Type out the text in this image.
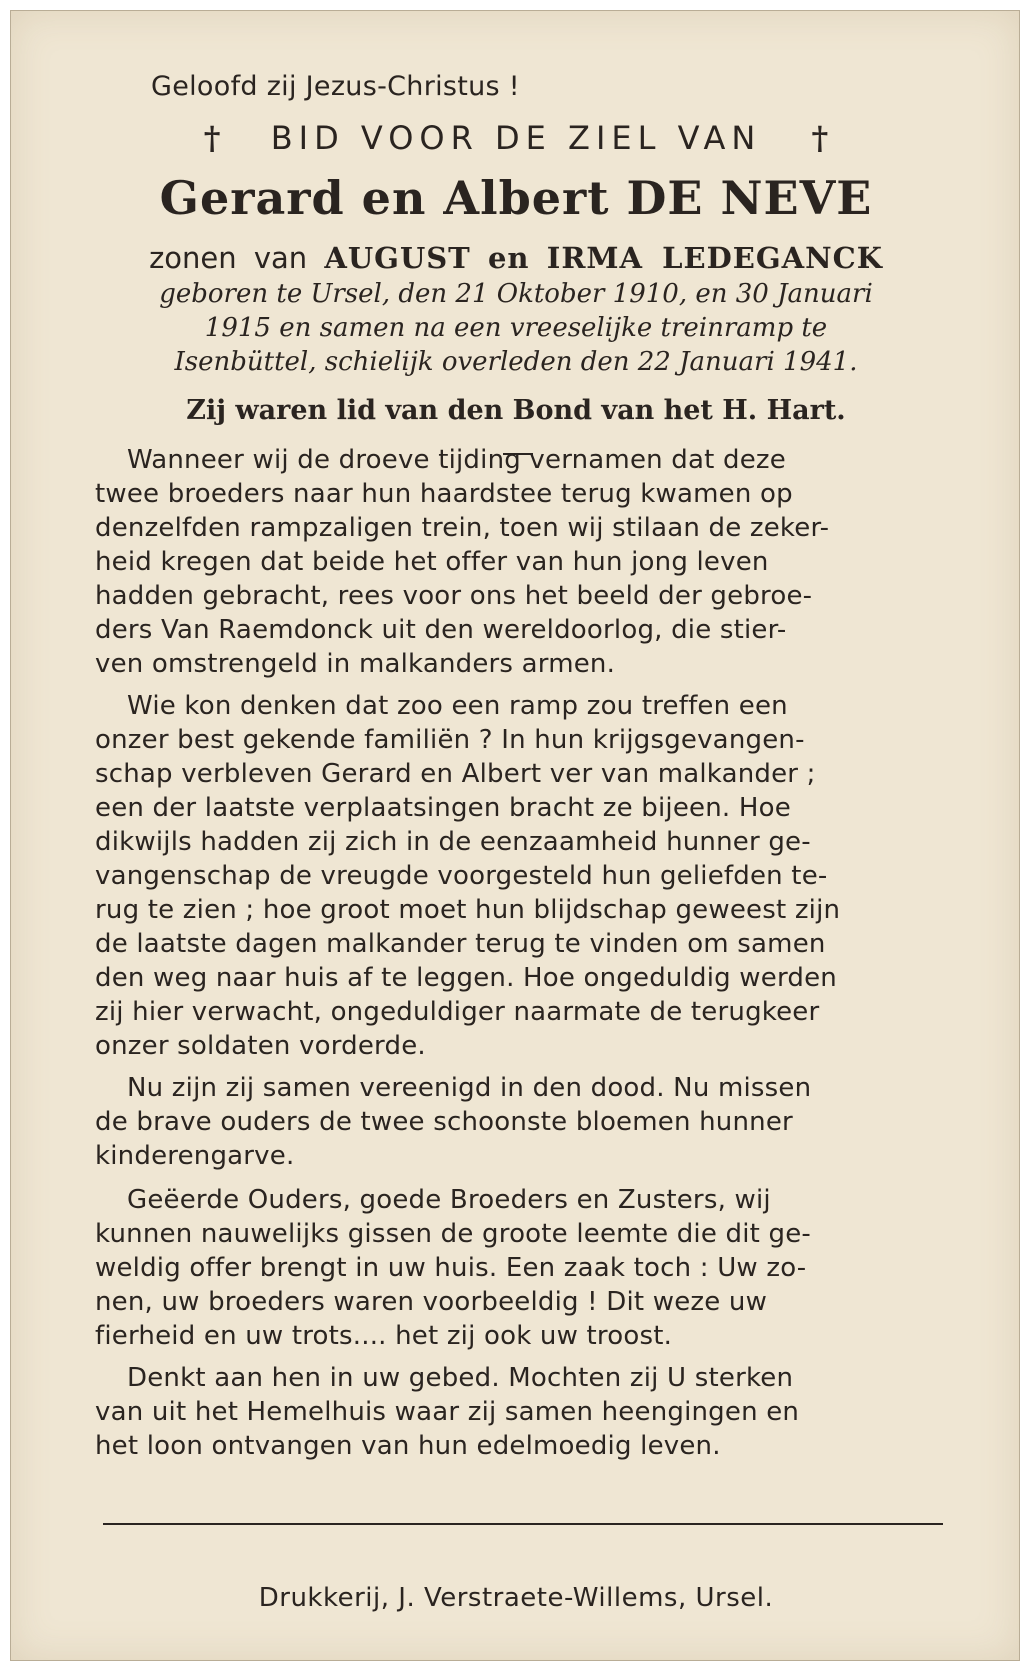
Geloofd zij Jezus-Christus !
† BID VOOR DE ZIEL VAN †
Gerard en Albert DE NEVE
zonen van AUGUST en IRMA LEDEGANCK
geboren te Ursel, den 21 Oktober 1910, en 30 Januari
1915 en samen na een vreeselijke treinramp te
Isenbüttel, schielijk overleden den 22 Januari 1941.
Zij waren lid van den Bond van het H. Hart.
Wanneer wij de droeve tijding vernamen dat deze
twee broeders naar hun haardstee terug kwamen op
denzelfden rampzaligen trein, toen wij stilaan de zeker-
heid kregen dat beide het offer van hun jong leven
hadden gebracht, rees voor ons het beeld der gebroe-
ders Van Raemdonck uit den wereldoorlog, die stier-
ven omstrengeld in malkanders armen.
Wie kon denken dat zoo een ramp zou treffen een
onzer best gekende familiën ? In hun krijgsgevangen-
schap verbleven Gerard en Albert ver van malkander ;
een der laatste verplaatsingen bracht ze bijeen. Hoe
dikwijls hadden zij zich in de eenzaamheid hunner ge-
vangenschap de vreugde voorgesteld hun geliefden te-
rug te zien ; hoe groot moet hun blijdschap geweest zijn
de laatste dagen malkander terug te vinden om samen
den weg naar huis af te leggen. Hoe ongeduldig werden
zij hier verwacht, ongeduldiger naarmate de terugkeer
onzer soldaten vorderde.
Nu zijn zij samen vereenigd in den dood. Nu missen
de brave ouders de twee schoonste bloemen hunner
kinderengarve.
Geëerde Ouders, goede Broeders en Zusters, wij
kunnen nauwelijks gissen de groote leemte die dit ge-
weldig offer brengt in uw huis. Een zaak toch : Uw zo-
nen, uw broeders waren voorbeeldig ! Dit weze uw
fierheid en uw trots.... het zij ook uw troost.
Denkt aan hen in uw gebed. Mochten zij U sterken
van uit het Hemelhuis waar zij samen heengingen en
het loon ontvangen van hun edelmoedig leven.
Drukkerij, J. Verstraete-Willems, Ursel.
